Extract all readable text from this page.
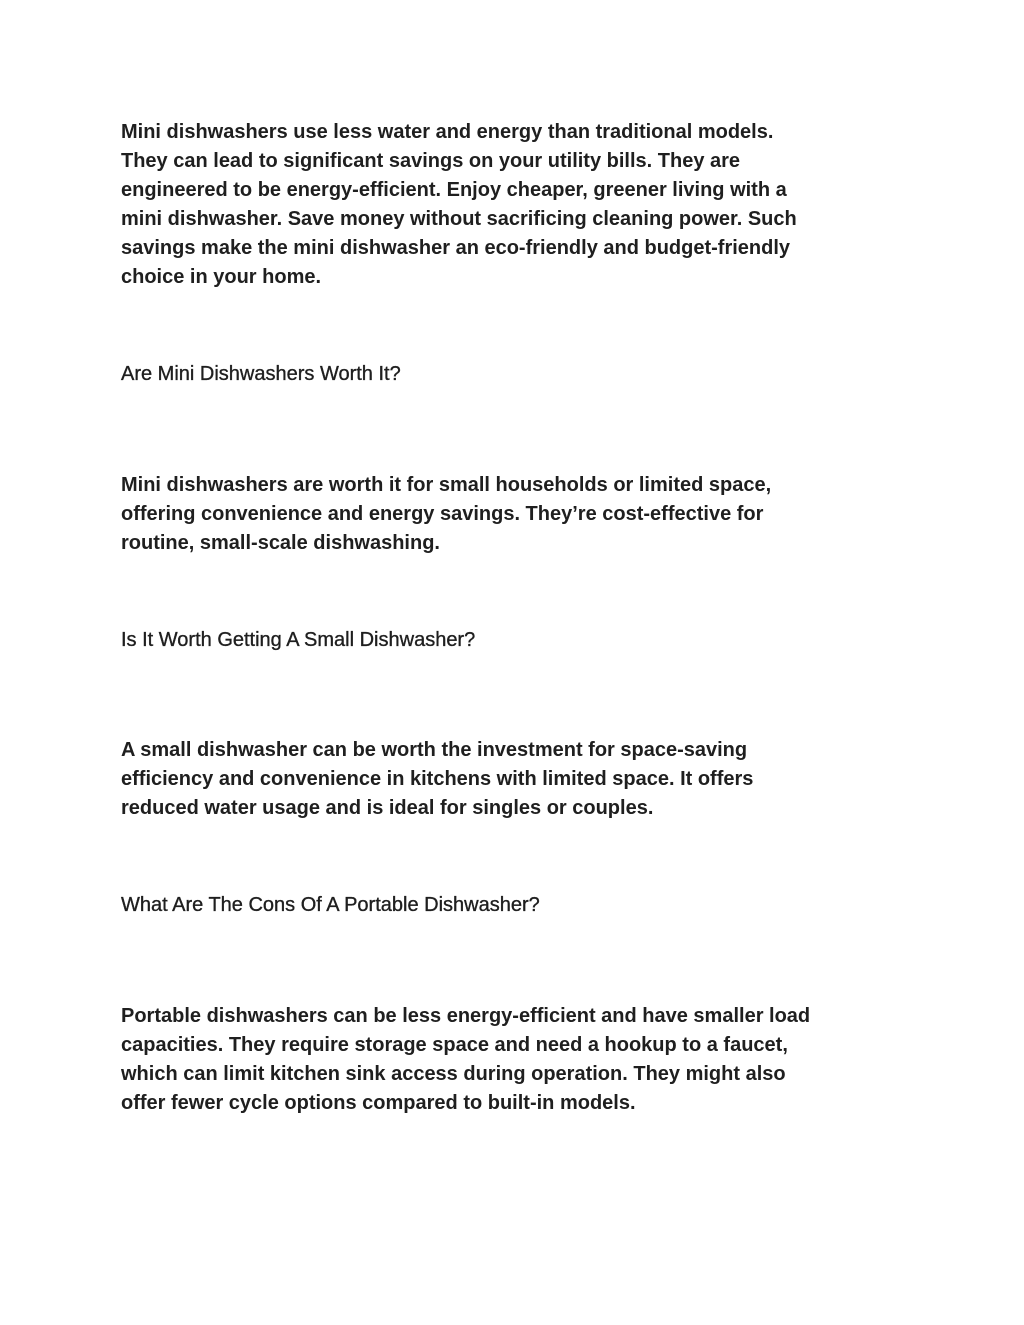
Mini dishwashers use less water and energy than traditional models.
They can lead to significant savings on your utility bills. They are
engineered to be energy-efficient. Enjoy cheaper, greener living with a
mini dishwasher. Save money without sacrificing cleaning power. Such
savings make the mini dishwasher an eco-friendly and budget-friendly
choice in your home.

Are Mini Dishwashers Worth It?

Mini dishwashers are worth it for small households or limited space,
offering convenience and energy savings. They’re cost-effective for
routine, small-scale dishwashing.

Is It Worth Getting A Small Dishwasher?

A small dishwasher can be worth the investment for space-saving
efficiency and convenience in kitchens with limited space. It offers
reduced water usage and is ideal for singles or couples.

What Are The Cons Of A Portable Dishwasher?

Portable dishwashers can be less energy-efficient and have smaller load
capacities. They require storage space and need a hookup to a faucet,
which can limit kitchen sink access during operation. They might also
offer fewer cycle options compared to built-in models.
